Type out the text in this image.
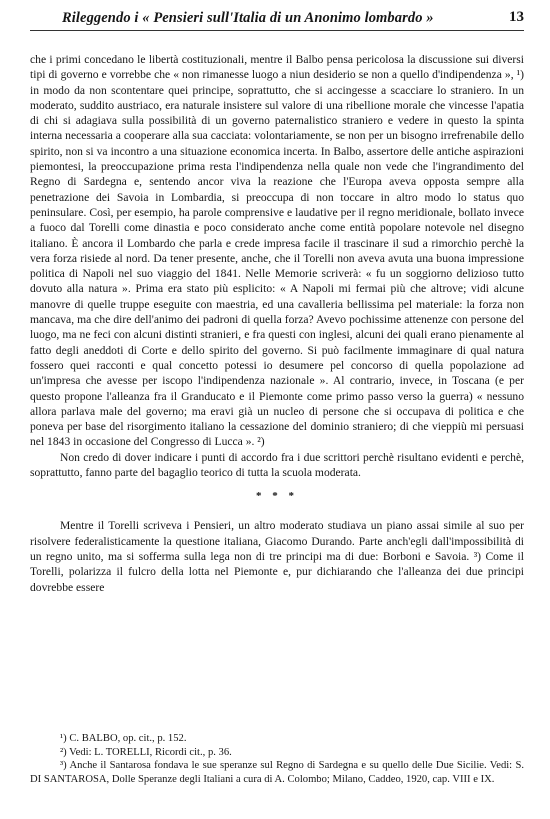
Rileggendo i « Pensieri sull'Italia di un Anonimo lombardo »	13

che i primi concedano le libertà costituzionali, mentre il Balbo pensa pericolosa la discussione sui diversi tipi di governo e vorrebbe che « non rimanesse luogo a niun desiderio se non a quello d'indipendenza », ¹) in modo da non scontentare quei principe, soprattutto, che si accingesse a scacciare lo straniero. In un moderato, suddito austriaco, era naturale insistere sul valore di una ribellione morale che vincesse l'apatia di chi si adagiava sulla possibilità di un governo paternalistico straniero e vedere in questo la spinta interna necessaria a cooperare alla sua cacciata: volontariamente, se non per un bisogno irrefrenabile dello spirito, non si va incontro a una situazione economica incerta. In Balbo, assertore delle antiche aspirazioni piemontesi, la preoccupazione prima resta l'indipendenza nella quale non vede che l'ingrandimento del Regno di Sardegna e, sentendo ancor viva la reazione che l'Europa aveva opposta sempre alla penetrazione dei Savoia in Lombardia, si preoccupa di non toccare in altro modo lo status quo peninsulare. Così, per esempio, ha parole comprensive e laudative per il regno meridionale, bollato invece a fuoco dal Torelli come dinastia e poco considerato anche come entità popolare notevole nel disegno italiano. È ancora il Lombardo che parla e crede impresa facile il trascinare il sud a rimorchio perchè la vera forza risiede al nord. Da tener presente, anche, che il Torelli non aveva avuta una buona impressione politica di Napoli nel suo viaggio del 1841. Nelle Memorie scriverà: « fu un soggiorno delizioso tutto dovuto alla natura ». Prima era stato più esplicito: « A Napoli mi fermai più che altrove; vidi alcune manovre di quelle truppe eseguite con maestria, ed una cavalleria bellissima pel materiale: la forza non mancava, ma che dire dell'animo dei padroni di quella forza? Avevo pochissime attenenze con persone del luogo, ma ne feci con alcuni distinti stranieri, e fra questi con inglesi, alcuni dei quali erano pienamente al fatto degli aneddoti di Corte e dello spirito del governo. Si può facilmente immaginare di qual natura fossero quei racconti e qual concetto potessi io desumere pel concorso di quella popolazione ad un'impresa che avesse per iscopo l'indipendenza nazionale ». Al contrario, invece, in Toscana (e per questo propone l'alleanza fra il Granducato e il Piemonte come primo passo verso la guerra) « nessuno allora parlava male del governo; ma eravi già un nucleo di persone che si occupava di politica e che poneva per base del risorgimento italiano la cessazione del dominio straniero; di che vieppiù mi persuasi nel 1843 in occasione del Congresso di Lucca ». ²)

Non credo di dover indicare i punti di accordo fra i due scrittori perchè risultano evidenti e perchè, soprattutto, fanno parte del bagaglio teorico di tutta la scuola moderata.

* * *

Mentre il Torelli scriveva i Pensieri, un altro moderato studiava un piano assai simile al suo per risolvere federalisticamente la questione italiana, Giacomo Durando. Parte anch'egli dall'impossibilità di un regno unito, ma si sofferma sulla lega non di tre principi ma di due: Borboni e Savoia. ³) Come il Torelli, polarizza il fulcro della lotta nel Piemonte e, pur dichiarando che l'alleanza dei due principi dovrebbe essere

¹) C. BALBO, op. cit., p. 152.

²) Vedi: L. TORELLI, Ricordi cit., p. 36.

³) Anche il Santarosa fondava le sue speranze sul Regno di Sardegna e su quello delle Due Sicilie. Vedi: S. DI SANTAROSA, Dolle Speranze degli Italiani a cura di A. Colombo; Milano, Caddeo, 1920, cap. VIII e IX.
